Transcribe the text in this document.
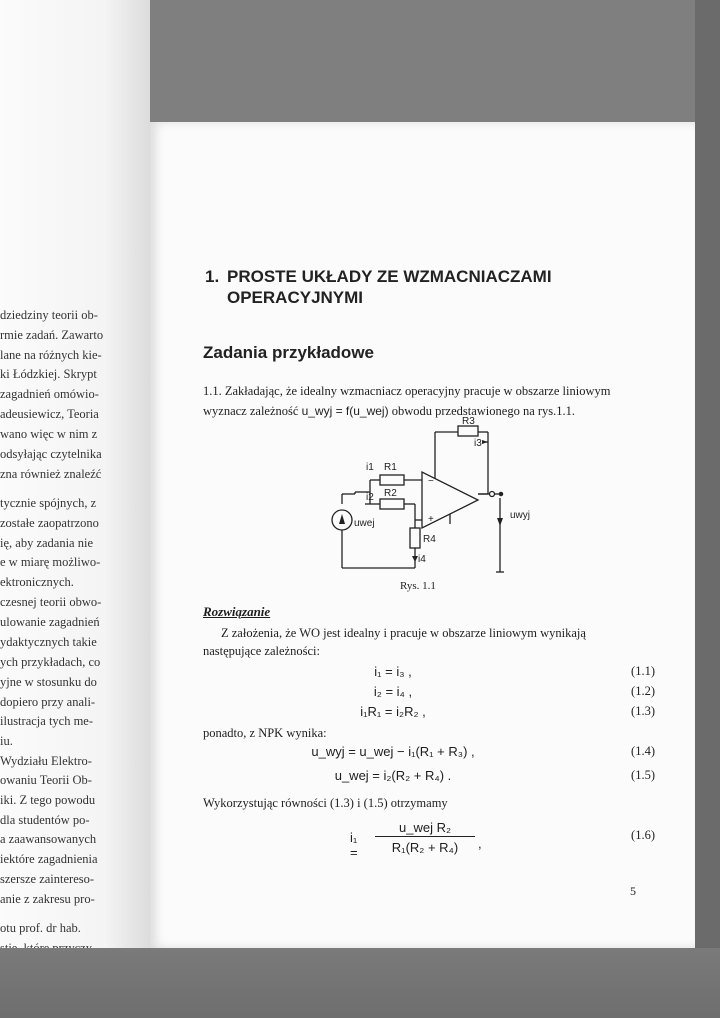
dziedziny teorii ob-
rmie zadań. Zawarto
lane na różnych kie-
ki Łódzkiej. Skrypt
zagadnień omówio-
adeusiewicz, Teoria
wano więc w nim z
odsyłając czytelnika
zna również znaleźć
tycznie spójnych, z
zostałe zaopatrzono
ię, aby zadania nie
e w miarę możliwo-
ektronicznych.
czesnej teorii obwo-
ulowanie zagadnień
ydaktycznych takie
ych przykładach, co
yjne w stosunku do
dopiero przy anali-
ilustracja tych me-
iu.
Wydziału Elektro-
owaniu Teorii Ob-
iki. Z tego powodu
dla studentów po-
a zaawansowanych
iektóre zagadnienia
szersze zaintereso-
anie z zakresu pro-
otu prof. dr hab.
1. PROSTE UKŁADY ZE WZMACNIACZAMI
OPERACYJNYMI
Zadania przykładowe
1.1. Zakładając, że idealny wzmacniacz operacyjny pracuje w obszarze liniowym
wyznacz zależność u_wyj = f(u_wej) obwodu przedstawionego na rys.1.1.
R3
i3
i1 R1
i2 R2
−
+
R4
i4
uwej
uwyj
Rys. 1.1
Rozwiązanie
Z założenia, że WO jest idealny i pracuje w obszarze liniowym wynikają
następujące zależności:
i₁ = i₃ ,	(1.1)
i₂ = i₄ ,	(1.2)
i₁R₁ = i₂R₂ ,	(1.3)
ponadto, z NPK wynika:
u_wyj = u_wej − i₁(R₁ + R₃) ,	(1.4)
u_wej = i₂(R₂ + R₄) .	(1.5)
Wykorzystując równości (1.3) i (1.5) otrzymamy
i₁ =
u_wej R₂
R₁(R₂ + R₄)	,
(1.6)
5
